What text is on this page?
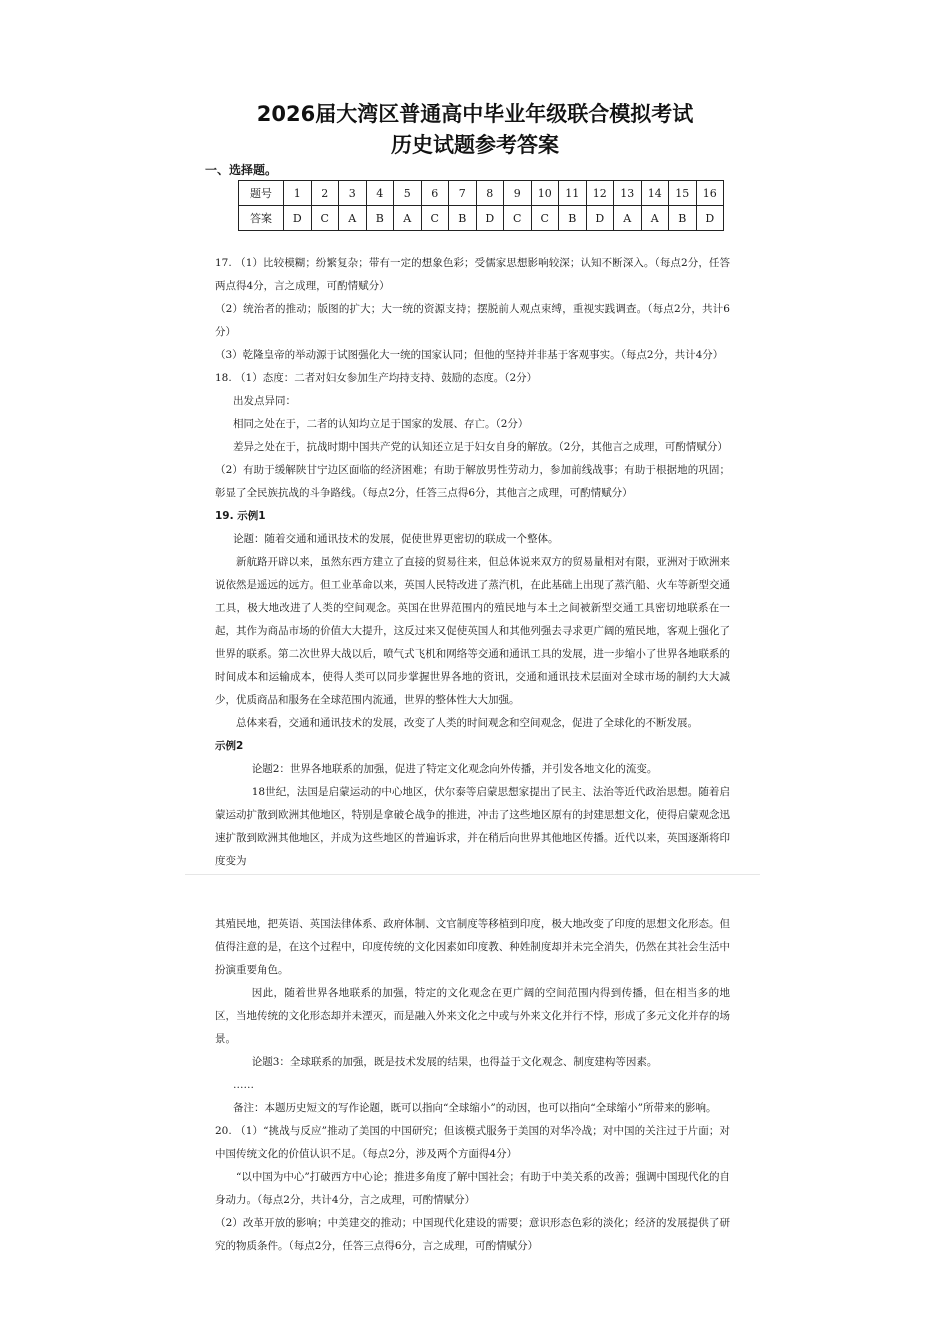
2026届大湾区普通高中毕业年级联合模拟考试
历史试题参考答案
一、选择题。
题号	1	2	3	4	5	6	7	8	9	10	11	12	13	14	15	16
答案	D	C	A	B	A	C	B	D	C	C	B	D	A	A	B	D

17. （1）比较模糊；纷繁复杂；带有一定的想象色彩；受儒家思想影响较深；认知不断深入。（每点2分，任答两点得4分，言之成理，可酌情赋分）

（2）统治者的推动；版图的扩大；大一统的资源支持；摆脱前人观点束缚，重视实践调查。（每点2分，共计6分）

（3）乾隆皇帝的举动源于试图强化大一统的国家认同；但他的坚持并非基于客观事实。（每点2分，共计4分）

18. （1）态度：二者对妇女参加生产均持支持、鼓励的态度。（2分）

出发点异同：

相同之处在于，二者的认知均立足于国家的发展、存亡。（2分）

差异之处在于，抗战时期中国共产党的认知还立足于妇女自身的解放。（2分，其他言之成理，可酌情赋分）

（2）有助于缓解陕甘宁边区面临的经济困难；有助于解放男性劳动力，参加前线战事；有助于根据地的巩固；彰显了全民族抗战的斗争路线。（每点2分，任答三点得6分，其他言之成理，可酌情赋分）

19. 示例1

论题：随着交通和通讯技术的发展，促使世界更密切的联成一个整体。

新航路开辟以来，虽然东西方建立了直接的贸易往来，但总体说来双方的贸易量相对有限，亚洲对于欧洲来说依然是遥远的远方。但工业革命以来，英国人民特改进了蒸汽机，在此基础上出现了蒸汽船、火车等新型交通工具，极大地改进了人类的空间观念。英国在世界范围内的殖民地与本土之间被新型交通工具密切地联系在一起，其作为商品市场的价值大大提升，这反过来又促使英国人和其他列强去寻求更广阔的殖民地，客观上强化了世界的联系。第二次世界大战以后，喷气式飞机和网络等交通和通讯工具的发展，进一步缩小了世界各地联系的时间成本和运输成本，使得人类可以同步掌握世界各地的资讯，交通和通讯技术层面对全球市场的制约大大减少，优质商品和服务在全球范围内流通，世界的整体性大大加强。

总体来看，交通和通讯技术的发展，改变了人类的时间观念和空间观念，促进了全球化的不断发展。

示例2

论题2：世界各地联系的加强，促进了特定文化观念向外传播，并引发各地文化的流变。

18世纪，法国是启蒙运动的中心地区，伏尔泰等启蒙思想家提出了民主、法治等近代政治思想。随着启蒙运动扩散到欧洲其他地区，特别是拿破仑战争的推进，冲击了这些地区原有的封建思想文化，使得启蒙观念迅速扩散到欧洲其他地区，并成为这些地区的普遍诉求，并在稍后向世界其他地区传播。近代以来，英国逐渐将印度变为

其殖民地，把英语、英国法律体系、政府体制、文官制度等移植到印度，极大地改变了印度的思想文化形态。但值得注意的是，在这个过程中，印度传统的文化因素如印度教、种姓制度却并未完全消失，仍然在其社会生活中扮演重要角色。

因此，随着世界各地联系的加强，特定的文化观念在更广阔的空间范围内得到传播，但在相当多的地区，当地传统的文化形态却并未湮灭，而是融入外来文化之中或与外来文化并行不悖，形成了多元文化并存的场景。

论题3：全球联系的加强，既是技术发展的结果，也得益于文化观念、制度建构等因素。

……

备注：本题历史短文的写作论题，既可以指向“全球缩小”的动因，也可以指向“全球缩小”所带来的影响。

20. （1）“挑战与反应”推动了美国的中国研究；但该模式服务于美国的对华冷战；对中国的关注过于片面；对中国传统文化的价值认识不足。（每点2分，涉及两个方面得4分）

“以中国为中心”打破西方中心论；推进多角度了解中国社会；有助于中美关系的改善；强调中国现代化的自身动力。（每点2分，共计4分，言之成理，可酌情赋分）

（2）改革开放的影响；中美建交的推动；中国现代化建设的需要；意识形态色彩的淡化；经济的发展提供了研究的物质条件。（每点2分，任答三点得6分，言之成理，可酌情赋分）
